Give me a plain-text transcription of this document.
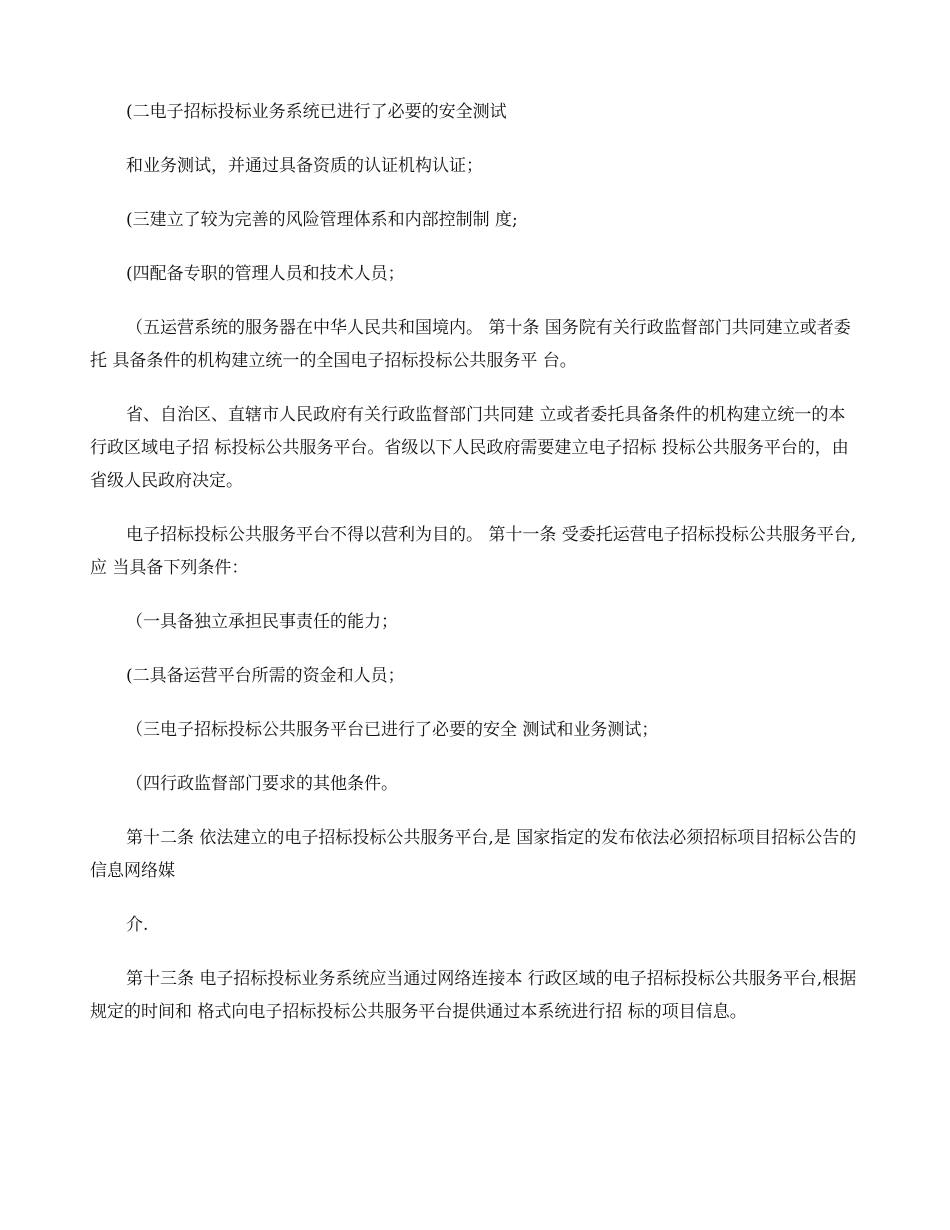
(二电子招标投标业务系统已进行了必要的安全测试

和业务测试，并通过具备资质的认证机构认证；

(三建立了较为完善的风险管理体系和内部控制制 度;

(四配备专职的管理人员和技术人员；

（五运营系统的服务器在中华人民共和国境内。 第十条 国务院有关行政监督部门共同建立或者委托 具备条件的机构建立统一的全国电子招标投标公共服务平 台。

省、自治区、直辖市人民政府有关行政监督部门共同建 立或者委托具备条件的机构建立统一的本行政区域电子招 标投标公共服务平台。省级以下人民政府需要建立电子招标 投标公共服务平台的，由省级人民政府决定。

电子招标投标公共服务平台不得以营利为目的。 第十一条 受委托运营电子招标投标公共服务平台,应 当具备下列条件：

（一具备独立承担民事责任的能力；

(二具备运营平台所需的资金和人员；

（三电子招标投标公共服务平台已进行了必要的安全 测试和业务测试；

（四行政监督部门要求的其他条件。

第十二条 依法建立的电子招标投标公共服务平台,是 国家指定的发布依法必须招标项目招标公告的信息网络媒

介.

第十三条 电子招标投标业务系统应当通过网络连接本 行政区域的电子招标投标公共服务平台,根据规定的时间和 格式向电子招标投标公共服务平台提供通过本系统进行招 标的项目信息。
